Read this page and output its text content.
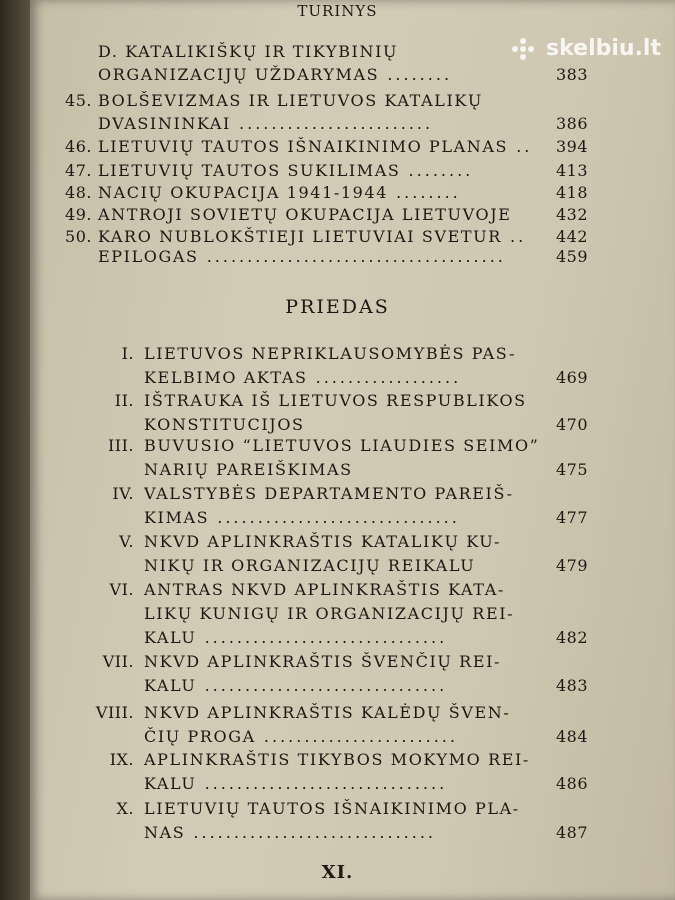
skelbiu.lt
TURINYS
D. KATALIKIŠKŲ IR TIKYBINIŲ
ORGANIZACIJŲ UŽDARYMAS ........	383
45. BOLŠEVIZMAS IR LIETUVOS KATALIKŲ
DVASININKAI ........................	386
46. LIETUVIŲ TAUTOS IŠNAIKINIMO PLANAS .. 394
47. LIETUVIŲ TAUTOS SUKILIMAS ........	413
48. NACIŲ OKUPACIJA 1941-1944 ........	418
49. ANTROJI SOVIETŲ OKUPACIJA LIETUVOJE	432
50. KARO NUBLOKŠTIEJI LIETUVIAI SVETUR .. 442
EPILOGAS .....................................	459
PRIEDAS
I. LIETUVOS NEPRIKLAUSOMYBĖS PAS-
KELBIMO AKTAS ..................	469
II. IŠTRAUKA IŠ LIETUVOS RESPUBLIKOS
KONSTITUCIJOS	470
III. BUVUSIO “LIETUVOS LIAUDIES SEIMO”
NARIŲ PAREIŠKIMAS	475
IV. VALSTYBĖS DEPARTAMENTO PAREIŠ-
KIMAS ..............................	477
V. NKVD APLINKRAŠTIS KATALIKŲ KU-
NIKŲ IR ORGANIZACIJŲ REIKALU	479
VI. ANTRAS NKVD APLINKRAŠTIS KATA-
LIKŲ KUNIGŲ IR ORGANIZACIJŲ REI-
KALU ..............................	482
VII. NKVD APLINKRAŠTIS ŠVENČIŲ REI-
KALU ..............................	483
VIII. NKVD APLINKRAŠTIS KALĖDŲ ŠVEN-
ČIŲ PROGA ........................	484
IX. APLINKRAŠTIS TIKYBOS MOKYMO REI-
KALU ..............................	486
X. LIETUVIŲ TAUTOS IŠNAIKINIMO PLA-
NAS ..............................	487
XI.
